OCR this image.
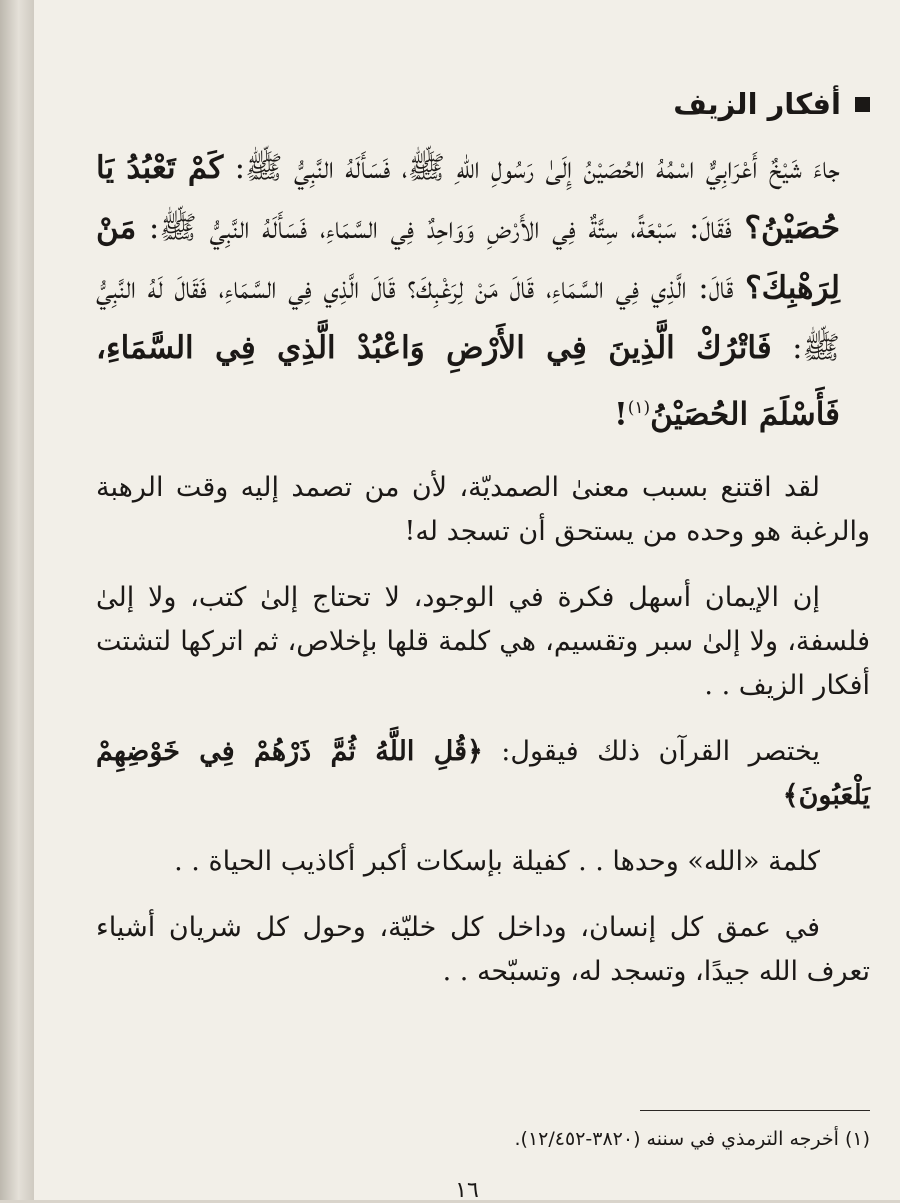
أفكار الزيف

جاءَ شَيْخٌ أَعْرَابِيٌّ اسْمُهُ الحُصَيْنُ إِلَىٰ رَسُولِ اللهِ ﷺ، فَسَأَلَهُ النَّبِيُّ ﷺ: كَمْ تَعْبُدُ يَا حُصَيْنُ؟ فَقَالَ: سَبْعَةً، سِتَّةٌ فِي الأَرْضِ وَوَاحِدٌ فِي السَّمَاءِ، فَسَأَلَهُ النَّبِيُّ ﷺ: مَنْ لِرَهْبِكَ؟ قَالَ: الَّذِي فِي السَّمَاءِ، قَالَ مَنْ لِرَغْبِكَ؟ قَالَ الَّذِي فِي السَّمَاءِ، فَقَالَ لَهُ النَّبِيُّ ﷺ: فَاتْرُكْ الَّذِينَ فِي الأَرْضِ وَاعْبُدْ الَّذِي فِي السَّمَاءِ، فَأَسْلَمَ الحُصَيْنُ$^{(١)}$!

لقد اقتنع بسبب معنىٰ الصمديّة، لأن من تصمد إليه وقت الرهبة والرغبة هو وحده من يستحق أن تسجد له!

إن الإيمان أسهل فكرة في الوجود، لا تحتاج إلىٰ كتب، ولا إلىٰ فلسفة، ولا إلىٰ سبر وتقسيم، هي كلمة قلها بإخلاص، ثم اتركها لتشتت أفكار الزيف . .

يختصر القرآن ذلك فيقول: ﴿قُلِ اللَّهُ ثُمَّ ذَرْهُمْ فِي خَوْضِهِمْ يَلْعَبُونَ﴾

كلمة «الله» وحدها . . كفيلة بإسكات أكبر أكاذيب الحياة . .

في عمق كل إنسان، وداخل كل خليّة، وحول كل شريان أشياء تعرف الله جيدًا، وتسجد له، وتسبّحه . .

(١) أخرجه الترمذي في سننه (٣٨٢٠-١٢/٤٥٢).
١٦
